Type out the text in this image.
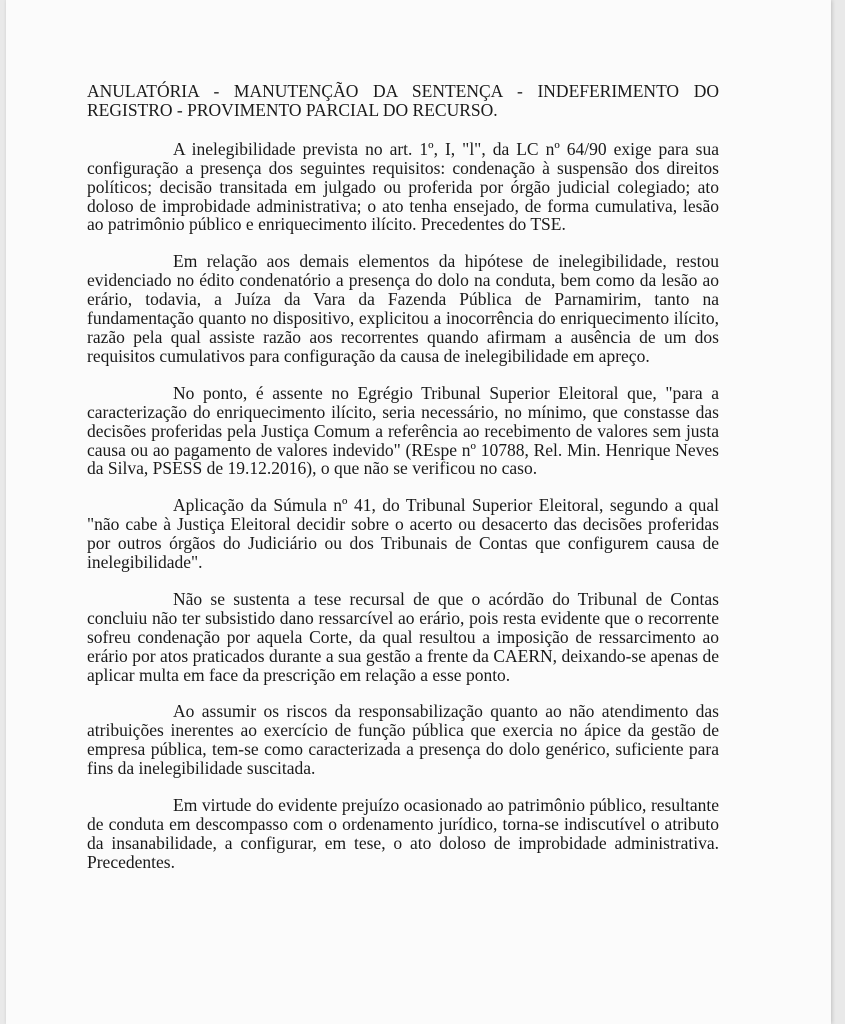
ANULATÓRIA - MANUTENÇÃO DA SENTENÇA - INDEFERIMENTO DO REGISTRO - PROVIMENTO PARCIAL DO RECURSO.

A inelegibilidade prevista no art. 1º, I, "l", da LC nº 64/90 exige para sua configuração a presença dos seguintes requisitos: condenação à suspensão dos direitos políticos; decisão transitada em julgado ou proferida por órgão judicial colegiado; ato doloso de improbidade administrativa; o ato tenha ensejado, de forma cumulativa, lesão ao patrimônio público e enriquecimento ilícito. Precedentes do TSE.

Em relação aos demais elementos da hipótese de inelegibilidade, restou evidenciado no édito condenatório a presença do dolo na conduta, bem como da lesão ao erário, todavia, a Juíza da Vara da Fazenda Pública de Parnamirim, tanto na fundamentação quanto no dispositivo, explicitou a inocorrência do enriquecimento ilícito, razão pela qual assiste razão aos recorrentes quando afirmam a ausência de um dos requisitos cumulativos para configuração da causa de inelegibilidade em apreço.

No ponto, é assente no Egrégio Tribunal Superior Eleitoral que, "para a caracterização do enriquecimento ilícito, seria necessário, no mínimo, que constasse das decisões proferidas pela Justiça Comum a referência ao recebimento de valores sem justa causa ou ao pagamento de valores indevido" (REspe nº 10788, Rel. Min. Henrique Neves da Silva, PSESS de 19.12.2016), o que não se verificou no caso.

Aplicação da Súmula nº 41, do Tribunal Superior Eleitoral, segundo a qual "não cabe à Justiça Eleitoral decidir sobre o acerto ou desacerto das decisões proferidas por outros órgãos do Judiciário ou dos Tribunais de Contas que configurem causa de inelegibilidade".

Não se sustenta a tese recursal de que o acórdão do Tribunal de Contas concluiu não ter subsistido dano ressarcível ao erário, pois resta evidente que o recorrente sofreu condenação por aquela Corte, da qual resultou a imposição de ressarcimento ao erário por atos praticados durante a sua gestão a frente da CAERN, deixando-se apenas de aplicar multa em face da prescrição em relação a esse ponto.

Ao assumir os riscos da responsabilização quanto ao não atendimento das atribuições inerentes ao exercício de função pública que exercia no ápice da gestão de empresa pública, tem-se como caracterizada a presença do dolo genérico, suficiente para fins da inelegibilidade suscitada.

Em virtude do evidente prejuízo ocasionado ao patrimônio público, resultante de conduta em descompasso com o ordenamento jurídico, torna-se indiscutível o atributo da insanabilidade, a configurar, em tese, o ato doloso de improbidade administrativa. Precedentes.
